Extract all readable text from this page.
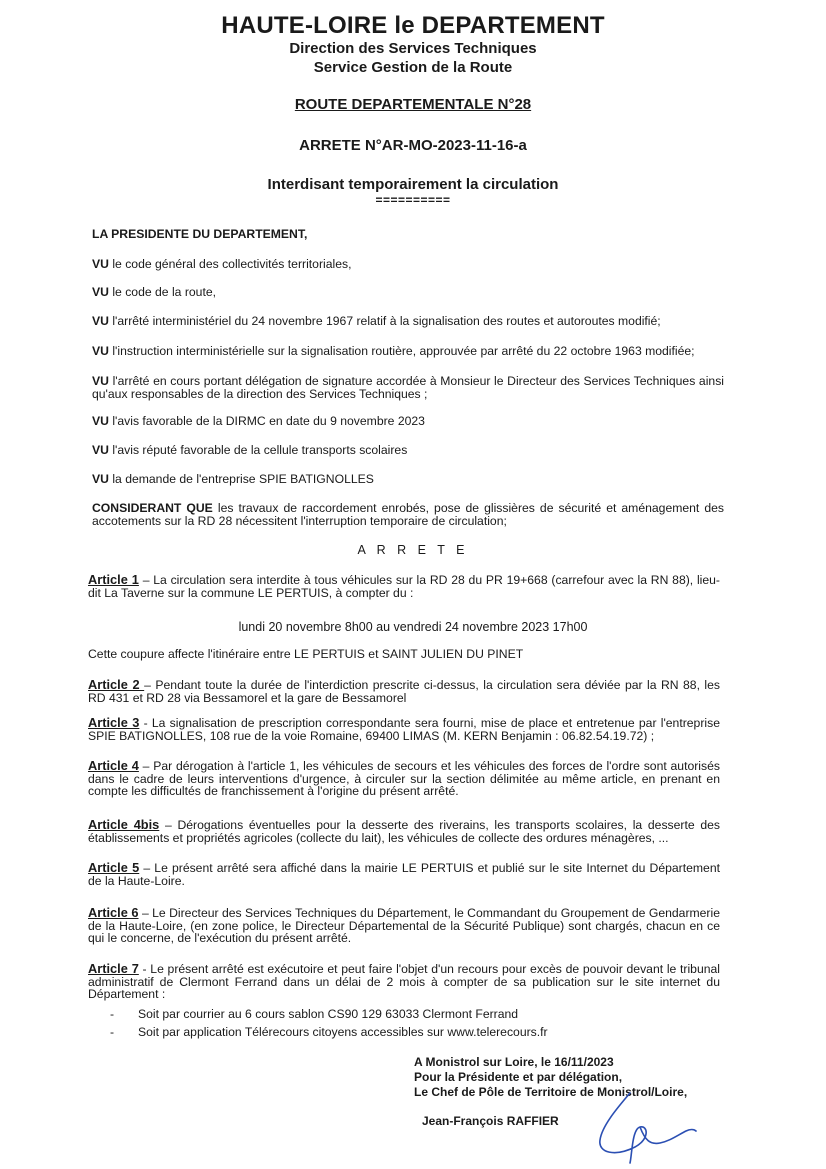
HAUTE-LOIRE le DEPARTEMENT
Direction des Services Techniques
Service Gestion de la Route
ROUTE DEPARTEMENTALE N°28
ARRETE N°AR-MO-2023-11-16-a
Interdisant temporairement la circulation
==========
LA PRESIDENTE DU DEPARTEMENT,
VU le code général des collectivités territoriales,
VU le code de la route,
VU l'arrêté interministériel du 24 novembre 1967 relatif à la signalisation des routes et autoroutes modifié;
VU l'instruction interministérielle sur la signalisation routière, approuvée par arrêté du 22 octobre 1963 modifiée;
VU l'arrêté en cours portant délégation de signature accordée à Monsieur le Directeur des Services Techniques ainsi qu'aux responsables de la direction des Services Techniques ;
VU l'avis favorable de la DIRMC en date du 9 novembre 2023
VU l'avis réputé favorable de la cellule transports scolaires
VU la demande de l'entreprise SPIE BATIGNOLLES
CONSIDERANT QUE les travaux de raccordement enrobés, pose de glissières de sécurité et aménagement des accotements sur la RD 28 nécessitent l'interruption temporaire de circulation;
A R R E T E
Article 1 – La circulation sera interdite à tous véhicules sur la RD 28 du PR 19+668 (carrefour avec la RN 88), lieu-dit La Taverne sur la commune LE PERTUIS, à compter du :
lundi 20 novembre 8h00 au vendredi 24 novembre 2023 17h00
Cette coupure affecte l'itinéraire entre LE PERTUIS et SAINT JULIEN DU PINET
Article 2 – Pendant toute la durée de l'interdiction prescrite ci-dessus, la circulation sera déviée par la RN 88, les RD 431 et RD 28 via Bessamorel et la gare de Bessamorel
Article 3 - La signalisation de prescription correspondante sera fourni, mise de place et entretenue par l'entreprise SPIE BATIGNOLLES, 108 rue de la voie Romaine, 69400 LIMAS (M. KERN Benjamin : 06.82.54.19.72) ;
Article 4 – Par dérogation à l'article 1, les véhicules de secours et les véhicules des forces de l'ordre sont autorisés dans le cadre de leurs interventions d'urgence, à circuler sur la section délimitée au même article, en prenant en compte les difficultés de franchissement à l'origine du présent arrêté.
Article 4bis – Dérogations éventuelles pour la desserte des riverains, les transports scolaires, la desserte des établissements et propriétés agricoles (collecte du lait), les véhicules de collecte des ordures ménagères, ...
Article 5 – Le présent arrêté sera affiché dans la mairie LE PERTUIS et publié sur le site Internet du Département de la Haute-Loire.
Article 6 – Le Directeur des Services Techniques du Département, le Commandant du Groupement de Gendarmerie de la Haute-Loire, (en zone police, le Directeur Départemental de la Sécurité Publique) sont chargés, chacun en ce qui le concerne, de l'exécution du présent arrêté.
Article 7 - Le présent arrêté est exécutoire et peut faire l'objet d'un recours pour excès de pouvoir devant le tribunal administratif de Clermont Ferrand dans un délai de 2 mois à compter de sa publication sur le site internet du Département :
- Soit par courrier au 6 cours sablon CS90 129 63033 Clermont Ferrand
- Soit par application Télérecours citoyens accessibles sur www.telerecours.fr
A Monistrol sur Loire, le 16/11/2023
Pour la Présidente et par délégation,
Le Chef de Pôle de Territoire de Monistrol/Loire,
Jean-François RAFFIER
